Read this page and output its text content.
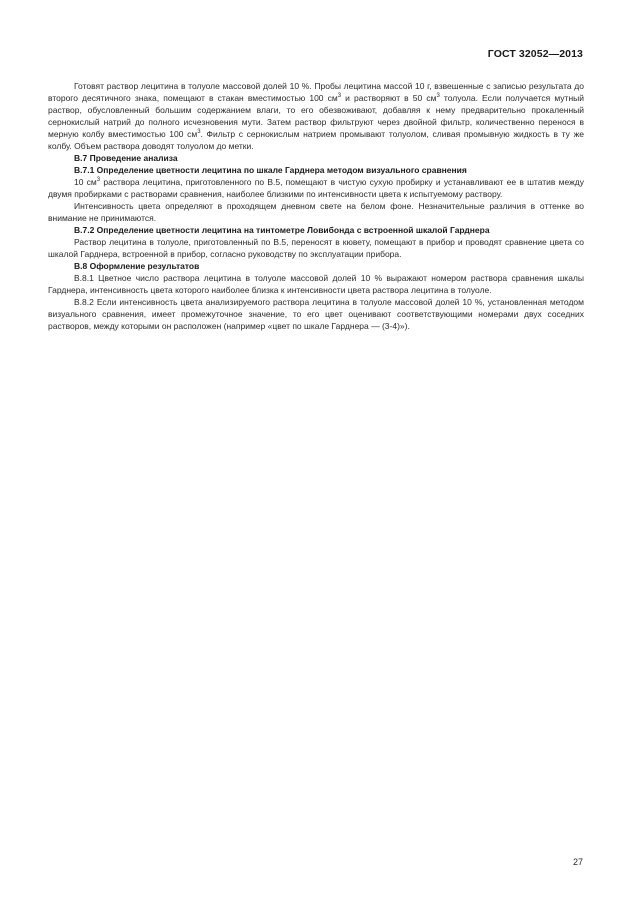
ГОСТ 32052—2013

Готовят раствор лецитина в толуоле массовой долей 10 %. Пробы лецитина массой 10 г, взвешенные с записью результата до второго десятичного знака, помещают в стакан вместимостью 100 $см^3$ и растворяют в 50 $см^3$ толуола. Если получается мутный раствор, обусловленный большим содержанием влаги, то его обезвоживают, добавляя к нему предварительно прокаленный сернокислый натрий до полного исчезновения мути. Затем раствор фильтруют через двойной фильтр, количественно перенося в мерную колбу вместимостью 100 $см^3$. Фильтр с сернокислым натрием промывают толуолом, сливая промывную жидкость в ту же колбу. Объем раствора доводят толуолом до метки.

В.7 Проведение анализа

В.7.1 Определение цветности лецитина по шкале Гарднера методом визуального сравнения

10 $см^3$ раствора лецитина, приготовленного по В.5, помещают в чистую сухую пробирку и устанавливают ее в штатив между двумя пробирками с растворами сравнения, наиболее близкими по интенсивности цвета к испытуемому раствору.

Интенсивность цвета определяют в проходящем дневном свете на белом фоне. Незначительные различия в оттенке во внимание не принимаются.

В.7.2 Определение цветности лецитина на тинтометре Ловибонда с встроенной шкалой Гарднера

Раствор лецитина в толуоле, приготовленный по В.5, переносят в кювету, помещают в прибор и проводят сравнение цвета со шкалой Гарднера, встроенной в прибор, согласно руководству по эксплуатации прибора.

В.8 Оформление результатов

В.8.1 Цветное число раствора лецитина в толуоле массовой долей 10 % выражают номером раствора сравнения шкалы Гарднера, интенсивность цвета которого наиболее близка к интенсивности цвета раствора лецитина в толуоле.

В.8.2 Если интенсивность цвета анализируемого раствора лецитина в толуоле массовой долей 10 %, установленная методом визуального сравнения, имеет промежуточное значение, то его цвет оценивают соответствующими номерами двух соседних растворов, между которыми он расположен (например «цвет по шкале Гарднера — (3-4)»).

27
